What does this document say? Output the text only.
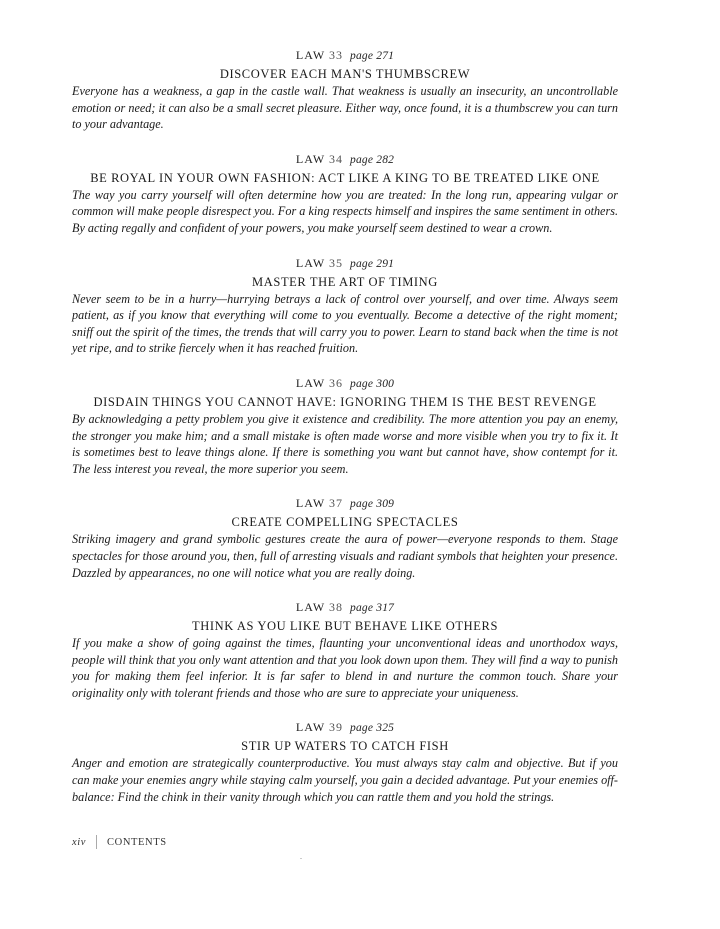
LAW 33 page 271
DISCOVER EACH MAN'S THUMBSCREW

Everyone has a weakness, a gap in the castle wall. That weakness is usually an insecurity, an uncontrollable emotion or need; it can also be a small secret pleasure. Either way, once found, it is a thumbscrew you can turn to your advantage.

LAW 34 page 282
BE ROYAL IN YOUR OWN FASHION: ACT LIKE A KING TO BE TREATED LIKE ONE

The way you carry yourself will often determine how you are treated: In the long run, appearing vulgar or common will make people disrespect you. For a king respects himself and inspires the same sentiment in others. By acting regally and confident of your powers, you make yourself seem destined to wear a crown.

LAW 35 page 291
MASTER THE ART OF TIMING

Never seem to be in a hurry—hurrying betrays a lack of control over yourself, and over time. Always seem patient, as if you know that everything will come to you eventually. Become a detective of the right moment; sniff out the spirit of the times, the trends that will carry you to power. Learn to stand back when the time is not yet ripe, and to strike fiercely when it has reached fruition.

LAW 36 page 300
DISDAIN THINGS YOU CANNOT HAVE: IGNORING THEM IS THE BEST REVENGE

By acknowledging a petty problem you give it existence and credibility. The more attention you pay an enemy, the stronger you make him; and a small mistake is often made worse and more visible when you try to fix it. It is sometimes best to leave things alone. If there is something you want but cannot have, show contempt for it. The less interest you reveal, the more superior you seem.

LAW 37 page 309
CREATE COMPELLING SPECTACLES

Striking imagery and grand symbolic gestures create the aura of power—everyone responds to them. Stage spectacles for those around you, then, full of arresting visuals and radiant symbols that heighten your presence. Dazzled by appearances, no one will notice what you are really doing.

LAW 38 page 317
THINK AS YOU LIKE BUT BEHAVE LIKE OTHERS

If you make a show of going against the times, flaunting your unconventional ideas and unorthodox ways, people will think that you only want attention and that you look down upon them. They will find a way to punish you for making them feel inferior. It is far safer to blend in and nurture the common touch. Share your originality only with tolerant friends and those who are sure to appreciate your uniqueness.

LAW 39 page 325
STIR UP WATERS TO CATCH FISH

Anger and emotion are strategically counterproductive. You must always stay calm and objective. But if you can make your enemies angry while staying calm yourself, you gain a decided advantage. Put your enemies off-balance: Find the chink in their vanity through which you can rattle them and you hold the strings.

xiv CONTENTS
